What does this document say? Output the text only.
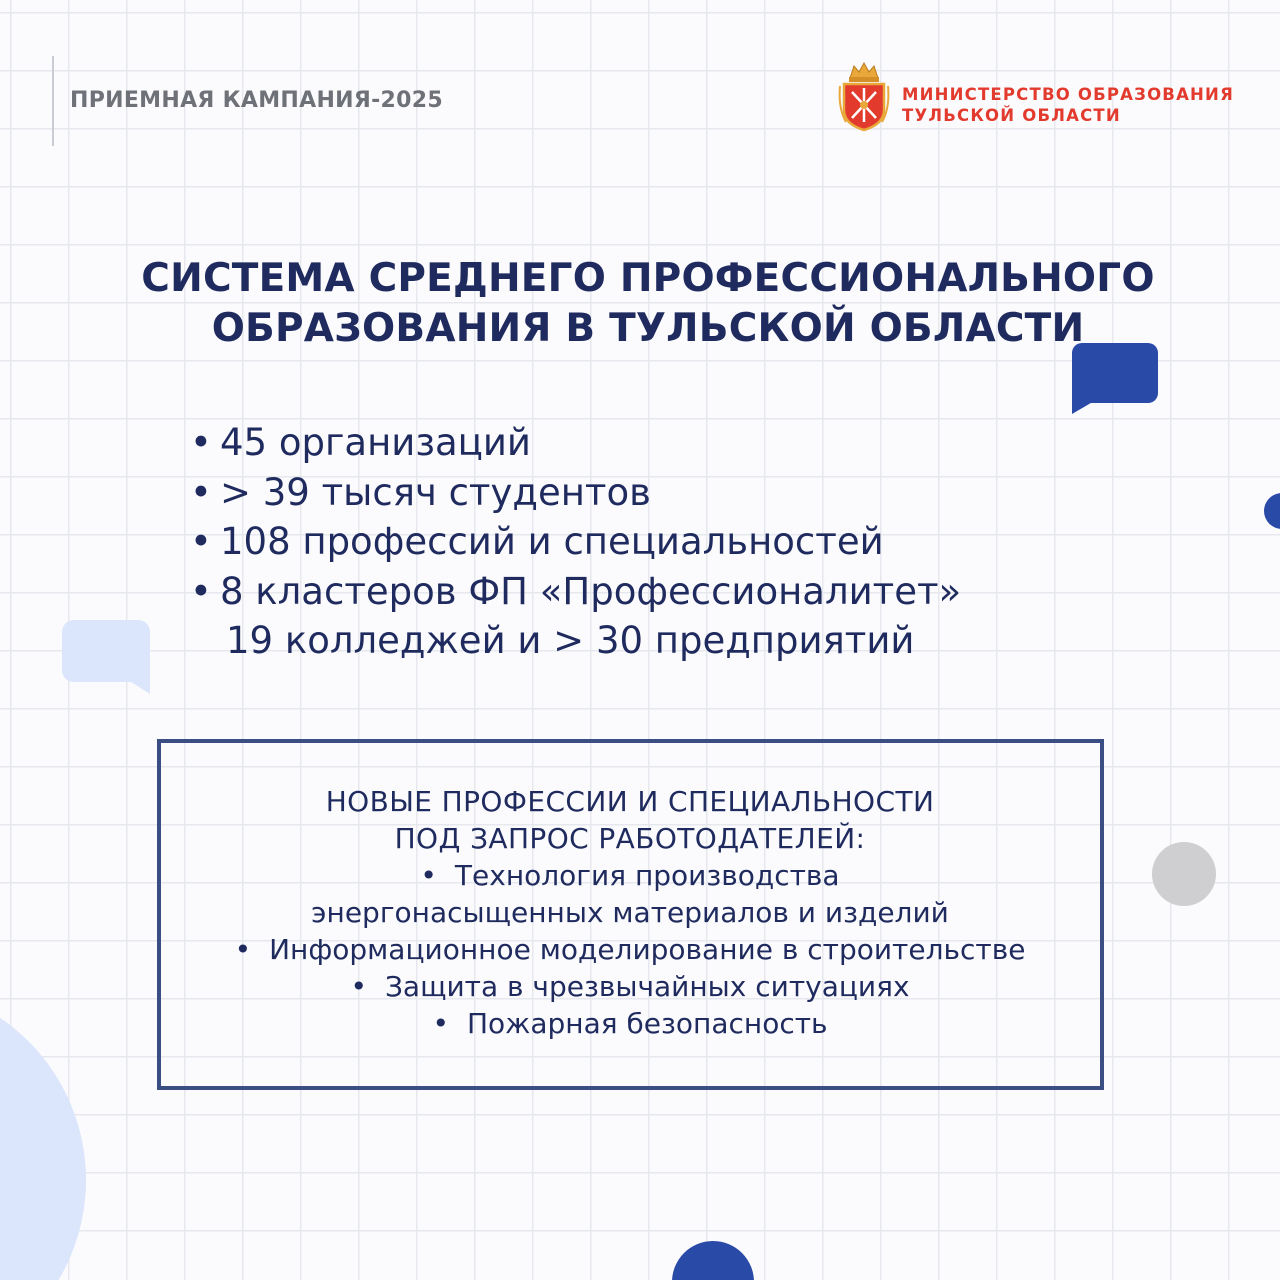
ПРИЕМНАЯ КАМПАНИЯ-2025	МИНИСТЕРСТВО ОБРАЗОВАНИЯ
ТУЛЬСКОЙ ОБЛАСТИ
СИСТЕМА СРЕДНЕГО ПРОФЕССИОНАЛЬНОГО
ОБРАЗОВАНИЯ В ТУЛЬСКОЙ ОБЛАСТИ
• 45 организаций
• > 39 тысяч студентов
• 108 профессий и специальностей
• 8 кластеров ФП «Профессионалитет»
19 колледжей и > 30 предприятий
НОВЫЕ ПРОФЕССИИ И СПЕЦИАЛЬНОСТИ
ПОД ЗАПРОС РАБОТОДАТЕЛЕЙ:
• Технология производства
энергонасыщенных материалов и изделий
• Информационное моделирование в строительстве
• Защита в чрезвычайных ситуациях
• Пожарная безопасность
